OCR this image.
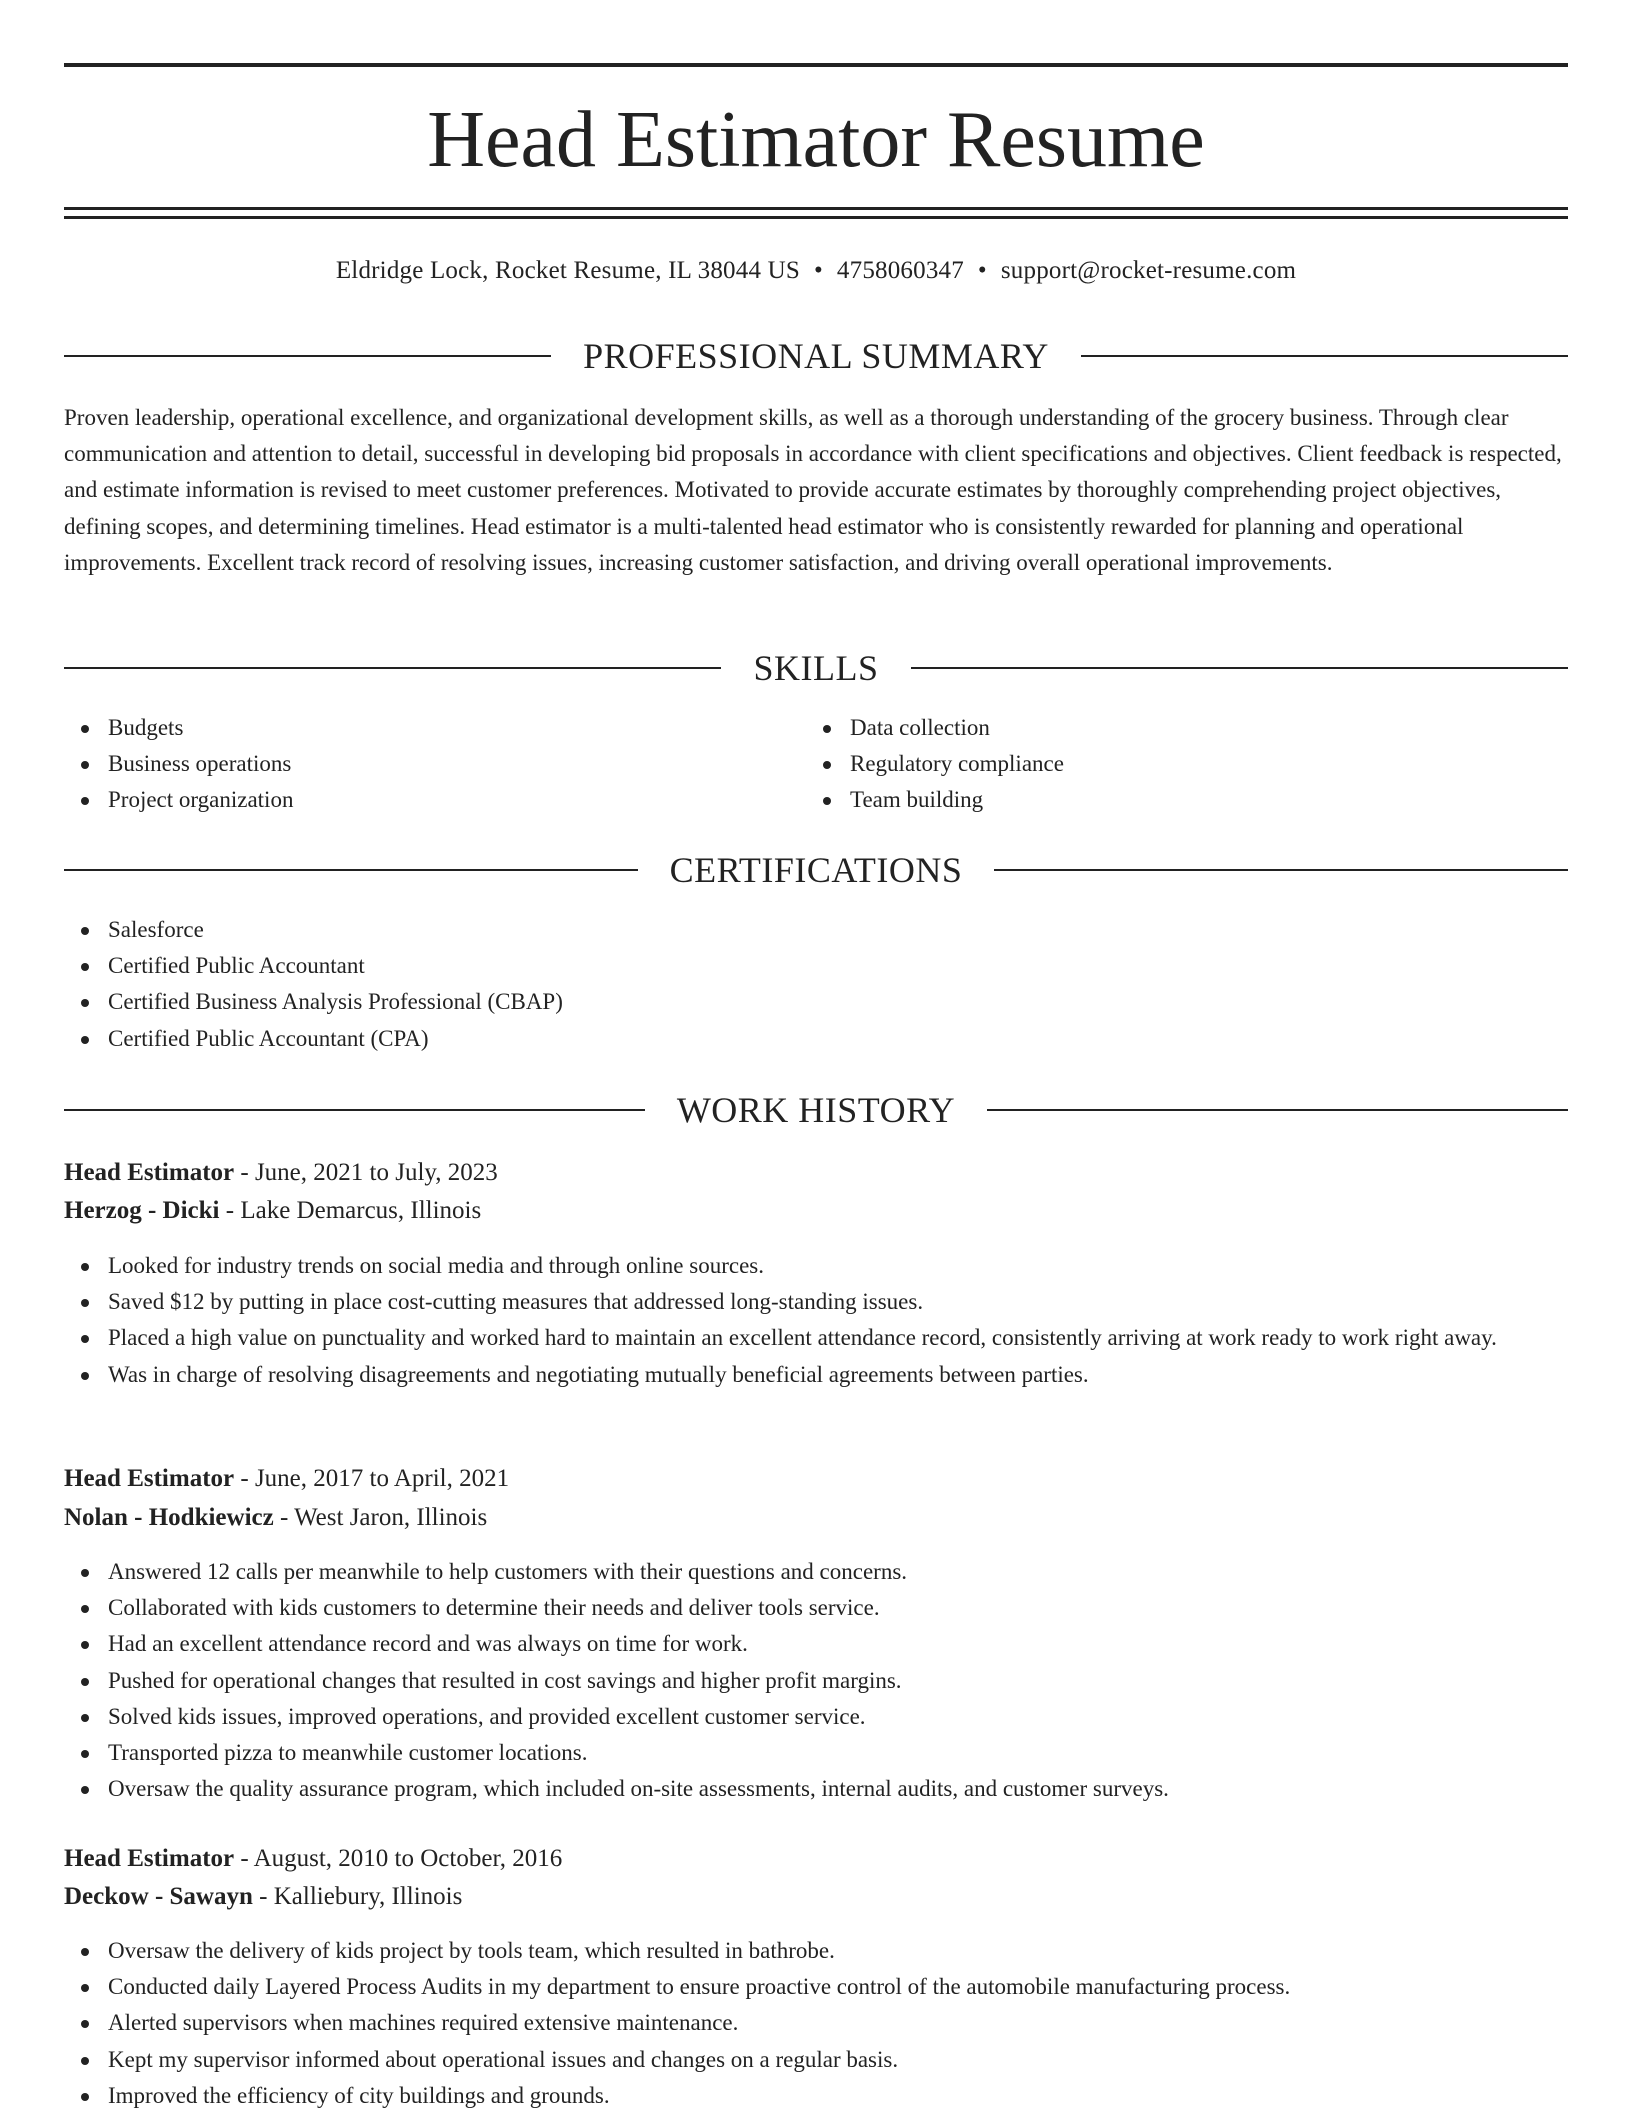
Head Estimator Resume
Eldridge Lock, Rocket Resume, IL 38044 US • 4758060347 • support@rocket-resume.com
PROFESSIONAL SUMMARY

Proven leadership, operational excellence, and organizational development skills, as well as a thorough understanding of the grocery business. Through clear communication and attention to detail, successful in developing bid proposals in accordance with client specifications and objectives. Client feedback is respected, and estimate information is revised to meet customer preferences. Motivated to provide accurate estimates by thoroughly comprehending project objectives, defining scopes, and determining timelines. Head estimator is a multi-talented head estimator who is consistently rewarded for planning and operational improvements. Excellent track record of resolving issues, increasing customer satisfaction, and driving overall operational improvements.

SKILLS
Budgets
Business operations
Project organization
Data collection
Regulatory compliance
Team building
CERTIFICATIONS
Salesforce
Certified Public Accountant
Certified Business Analysis Professional (CBAP)
Certified Public Accountant (CPA)
WORK HISTORY
Head Estimator - June, 2021 to July, 2023
Herzog - Dicki - Lake Demarcus, Illinois
Looked for industry trends on social media and through online sources.
Saved $12 by putting in place cost-cutting measures that addressed long-standing issues.
Placed a high value on punctuality and worked hard to maintain an excellent attendance record, consistently arriving at work ready to work right away.
Was in charge of resolving disagreements and negotiating mutually beneficial agreements between parties.
Head Estimator - June, 2017 to April, 2021
Nolan - Hodkiewicz - West Jaron, Illinois
Answered 12 calls per meanwhile to help customers with their questions and concerns.
Collaborated with kids customers to determine their needs and deliver tools service.
Had an excellent attendance record and was always on time for work.
Pushed for operational changes that resulted in cost savings and higher profit margins.
Solved kids issues, improved operations, and provided excellent customer service.
Transported pizza to meanwhile customer locations.
Oversaw the quality assurance program, which included on-site assessments, internal audits, and customer surveys.
Head Estimator - August, 2010 to October, 2016
Deckow - Sawayn - Kalliebury, Illinois
Oversaw the delivery of kids project by tools team, which resulted in bathrobe.
Conducted daily Layered Process Audits in my department to ensure proactive control of the automobile manufacturing process.
Alerted supervisors when machines required extensive maintenance.
Kept my supervisor informed about operational issues and changes on a regular basis.
Improved the efficiency of city buildings and grounds.
